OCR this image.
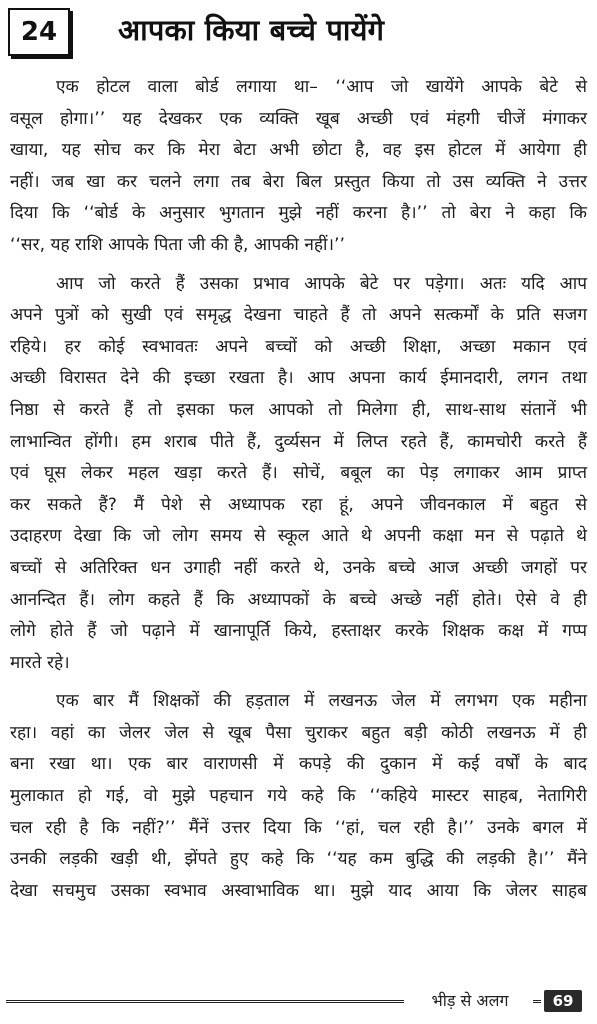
24	आपका किया बच्चे पायेंगे
एक होटल वाला बोर्ड लगाया था– ‘‘आप जो खायेंगे आपके बेटे से
वसूल होगा।’’ यह देखकर एक व्यक्ति खूब अच्छी एवं मंहगी चीजें मंगाकर
खाया, यह सोच कर कि मेरा बेटा अभी छोटा है, वह इस होटल में आयेगा ही
नहीं। जब खा कर चलने लगा तब बेरा बिल प्रस्तुत किया तो उस व्यक्ति ने उत्तर
दिया कि ‘‘बोर्ड के अनुसार भुगतान मुझे नहीं करना है।’’ तो बेरा ने कहा कि
‘‘सर, यह राशि आपके पिता जी की है, आपकी नहीं।’’
आप जो करते हैं उसका प्रभाव आपके बेटे पर पड़ेगा। अतः यदि आप
अपने पुत्रों को सुखी एवं समृद्ध देखना चाहते हैं तो अपने सत्कर्मों के प्रति सजग
रहिये। हर कोई स्वभावतः अपने बच्चों को अच्छी शिक्षा, अच्छा मकान एवं
अच्छी विरासत देने की इच्छा रखता है। आप अपना कार्य ईमानदारी, लगन तथा
निष्ठा से करते हैं तो इसका फल आपको तो मिलेगा ही, साथ-साथ संतानें भी
लाभान्वित होंगी। हम शराब पीते हैं, दुर्व्यसन में लिप्त रहते हैं, कामचोरी करते हैं
एवं घूस लेकर महल खड़ा करते हैं। सोचें, बबूल का पेड़ लगाकर आम प्राप्त
कर सकते हैं? मैं पेशे से अध्यापक रहा हूं, अपने जीवनकाल में बहुत से
उदाहरण देखा कि जो लोग समय से स्कूल आते थे अपनी कक्षा मन से पढ़ाते थे
बच्चों से अतिरिक्त धन उगाही नहीं करते थे, उनके बच्चे आज अच्छी जगहों पर
आनन्दित हैं। लोग कहते हैं कि अध्यापकों के बच्चे अच्छे नहीं होते। ऐसे वे ही
लोगे होते हैं जो पढ़ाने में खानापूर्ति किये, हस्ताक्षर करके शिक्षक कक्ष में गप्प
मारते रहे।
एक बार मैं शिक्षकों की हड़ताल में लखनऊ जेल में लगभग एक महीना
रहा। वहां का जेलर जेल से खूब पैसा चुराकर बहुत बड़ी कोठी लखनऊ में ही
बना रखा था। एक बार वाराणसी में कपड़े की दुकान में कई वर्षों के बाद
मुलाकात हो गई, वो मुझे पहचान गये कहे कि ‘‘कहिये मास्टर साहब, नेतागिरी
चल रही है कि नहीं?’’ मैंनें उत्तर दिया कि ‘‘हां, चल रही है।’’ उनके बगल में
उनकी लड़की खड़ी थी, झेंपते हुए कहे कि ‘‘यह कम बुद्धि की लड़की है।’’ मैंने
देखा सचमुच उसका स्वभाव अस्वाभाविक था। मुझे याद आया कि जेलर साहब
भीड़ से अलग	69
